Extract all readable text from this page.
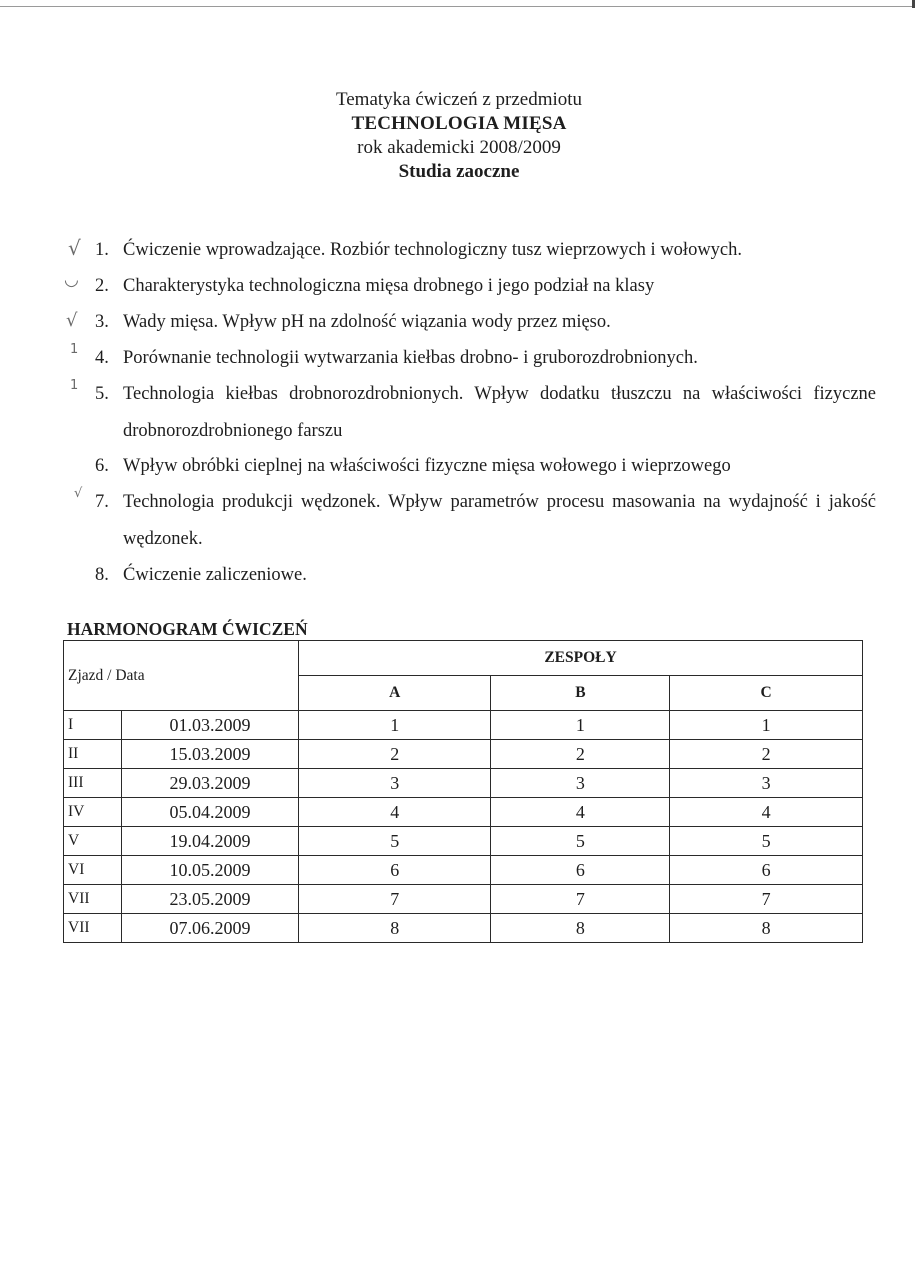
Tematyka ćwiczeń z przedmiotu
TECHNOLOGIA MIĘSA
rok akademicki 2008/2009
Studia zaoczne
√ 1. Ćwiczenie wprowadzające. Rozbiór technologiczny tusz wieprzowych i wołowych.
◡ 2. Charakterystyka technologiczna mięsa drobnego i jego podział na klasy
√ 3. Wady mięsa. Wpływ pH na zdolność wiązania wody przez mięso.
1 4. Porównanie technologii wytwarzania kiełbas drobno- i gruborozdrobnionych.
1 5. Technologia kiełbas drobnorozdrobnionych. Wpływ dodatku tłuszczu na właściwości fizyczne drobnorozdrobnionego farszu
6. Wpływ obróbki cieplnej na właściwości fizyczne mięsa wołowego i wieprzowego
√ 7. Technologia produkcji wędzonek. Wpływ parametrów procesu masowania na wydajność i jakość wędzonek.
8. Ćwiczenie zaliczeniowe.
HARMONOGRAM ĆWICZEŃ
Zjazd / Data		ZESPOŁY		
		A	B	C
I	01.03.2009	1	1	1
II	15.03.2009	2	2	2
III	29.03.2009	3	3	3
IV	05.04.2009	4	4	4
V	19.04.2009	5	5	5
VI	10.05.2009	6	6	6
VII	23.05.2009	7	7	7
VII	07.06.2009	8	8	8
